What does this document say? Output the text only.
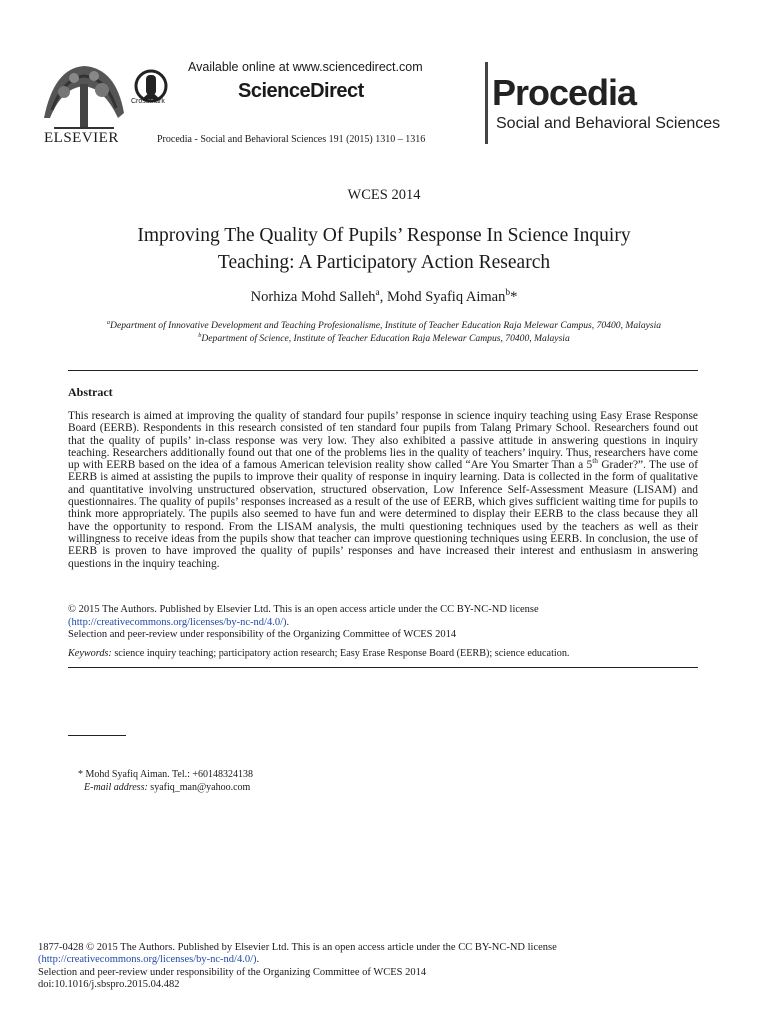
ELSEVIER
CrossMark
Available online at www.sciencedirect.com
ScienceDirect
Procedia - Social and Behavioral Sciences 191 (2015) 1310 – 1316
Procedia
Social and Behavioral Sciences
WCES 2014
Improving The Quality Of Pupils’ Response In Science Inquiry
Teaching: A Participatory Action Research
Norhiza Mohd Salleh$^a$, Mohd Syafiq Aiman$^b$*
$^a$Department of Innovative Development and Teaching Profesionalisme, Institute of Teacher Education Raja Melewar Campus, 70400, Malaysia
$^b$Department of Science, Institute of Teacher Education Raja Melewar Campus, 70400, Malaysia
Abstract
This research is aimed at improving the quality of standard four pupils’ response in science inquiry teaching using Easy Erase Response Board (EERB). Respondents in this research consisted of ten standard four pupils from Talang Primary School. Researchers found out that the quality of pupils’ in-class response was very low. They also exhibited a passive attitude in answering questions in inquiry teaching. Researchers additionally found out that one of the problems lies in the quality of teachers’ inquiry. Thus, researchers have come up with EERB based on the idea of a famous American television reality show called “Are You Smarter Than a 5th Grader?”. The use of EERB is aimed at assisting the pupils to improve their quality of response in inquiry learning. Data is collected in the form of qualitative and quantitative involving unstructured observation, structured observation, Low Inference Self-Assessment Measure (LISAM) and questionnaires. The quality of pupils’ responses increased as a result of the use of EERB, which gives sufficient waiting time for pupils to think more appropriately. The pupils also seemed to have fun and were determined to display their EERB to the class because they all have the opportunity to respond. From the LISAM analysis, the multi questioning techniques used by the teachers as well as their willingness to receive ideas from the pupils show that teacher can improve questioning techniques using EERB. In conclusion, the use of EERB is proven to have improved the quality of pupils’ responses and have increased their interest and enthusiasm in answering questions in the inquiry teaching.
© 2015 The Authors. Published by Elsevier Ltd. This is an open access article under the CC BY-NC-ND license
(http://creativecommons.org/licenses/by-nc-nd/4.0/).
Selection and peer-review under responsibility of the Organizing Committee of WCES 2014
Keywords: science inquiry teaching; participatory action research; Easy Erase Response Board (EERB); science education.
* Mohd Syafiq Aiman. Tel.: +60148324138
E-mail address: syafiq_man@yahoo.com
1877-0428 © 2015 The Authors. Published by Elsevier Ltd. This is an open access article under the CC BY-NC-ND license
(http://creativecommons.org/licenses/by-nc-nd/4.0/).
Selection and peer-review under responsibility of the Organizing Committee of WCES 2014
doi:10.1016/j.sbspro.2015.04.482
